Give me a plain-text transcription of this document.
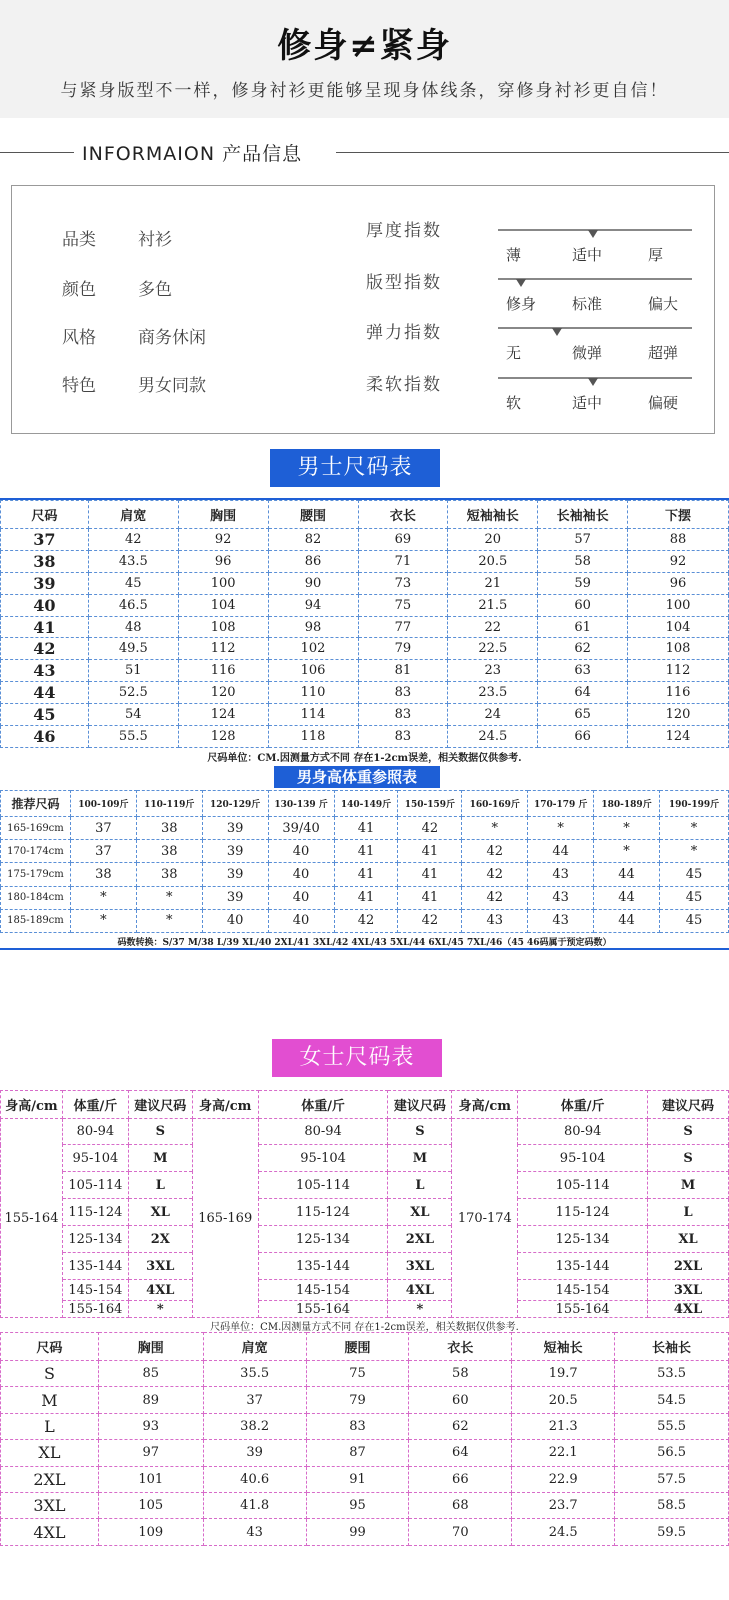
修身≠紧身
与紧身版型不一样，修身衬衫更能够呈现身体线条，穿修身衬衫更自信！
INFORMAION 产品信息
品类 衬衫
颜色 多色
风格 商务休闲
特色 男女同款
厚度指数
薄	适中	厚
版型指数
修身 标准	偏大
弹力指数
无	微弹	超弹
柔软指数
软	适中	偏硬
男士尺码表
尺码	肩宽	胸围	腰围	衣长	短袖袖长	长袖袖长	下摆
37	42	92	82	69	20	57	88
38	43.5	96	86	71	20.5	58	92
39	45	100	90	73	21	59	96
40	46.5	104	94	75	21.5	60	100
41	48	108	98	77	22	61	104
42	49.5	112	102	79	22.5	62	108
43	51	116	106	81	23	63	112
44	52.5	120	110	83	23.5	64	116
45	54	124	114	83	24	65	120
46	55.5	128	118	83	24.5	66	124
尺码单位：CM.因测量方式不同 存在1-2cm误差，相关数据仅供参考.
男身高体重参照表
推荐尺码	100-109斤	110-119斤	120-129斤	130-139 斤	140-149斤	150-159斤	160-169斤	170-179 斤	180-189斤	190-199斤
165-169cm	37	38	39	39/40	41	42	*	*	*	*
170-174cm	37	38	39	40	41	41	42	44	*	*
175-179cm	38	38	39	40	41	41	42	43	44	45
180-184cm	*	*	39	40	41	41	42	43	44	45
185-189cm	*	*	40	40	42	42	43	43	44	45
码数转换：S/37 M/38 L/39 XL/40 2XL/41 3XL/42 4XL/43 5XL/44 6XL/45 7XL/46（45 46码属于预定码数）
女士尺码表
身高/cm	体重/斤	建议尺码	身高/cm	体重/斤	建议尺码	身高/cm	体重/斤	建议尺码
155-164	80-94	S	165-169	80-94	S	170-174	80-94	S
	95-104	M		95-104	M		95-104	S
	105-114	L		105-114	L		105-114	M
	115-124	XL		115-124	XL		115-124	L
	125-134	2X		125-134	2XL		125-134	XL
	135-144	3XL		135-144	3XL		135-144	2XL
	145-154	4XL		145-154	4XL		145-154	3XL
	155-164	*		155-164	*		155-164	4XL
尺码单位：CM.因测量方式不同 存在1-2cm误差，相关数据仅供参考.
尺码	胸围	肩宽	腰围	衣长	短袖长	长袖长
S	85	35.5	75	58	19.7	53.5
M	89	37	79	60	20.5	54.5
L	93	38.2	83	62	21.3	55.5
XL	97	39	87	64	22.1	56.5
2XL	101	40.6	91	66	22.9	57.5
3XL	105	41.8	95	68	23.7	58.5
4XL	109	43	99	70	24.5	59.5
